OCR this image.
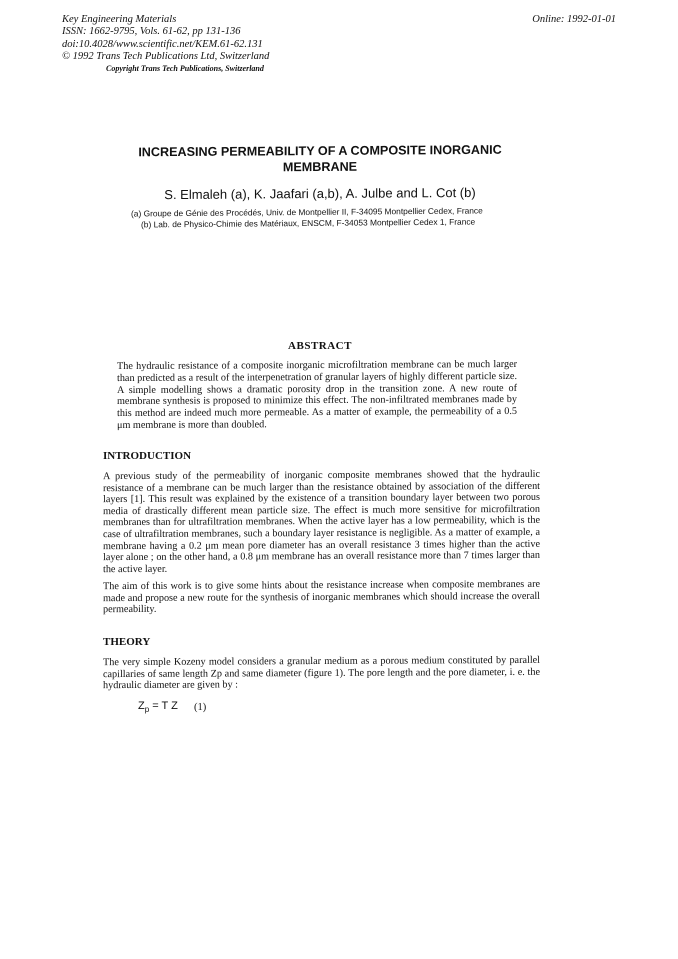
Key Engineering Materials
ISSN: 1662-9795, Vols. 61-62, pp 131-136
doi:10.4028/www.scientific.net/KEM.61-62.131
© 1992 Trans Tech Publications Ltd, Switzerland
Online: 1992-01-01
Copyright Trans Tech Publications, Switzerland
INCREASING PERMEABILITY OF A COMPOSITE INORGANIC
MEMBRANE
S. Elmaleh (a), K. Jaafari (a,b), A. Julbe and L. Cot (b)
(a) Groupe de Génie des Procédés, Univ. de Montpellier II, F-34095 Montpellier Cedex, France
(b) Lab. de Physico-Chimie des Matériaux, ENSCM, F-34053 Montpellier Cedex 1, France
ABSTRACT
The hydraulic resistance of a composite inorganic microfiltration membrane can be much larger than predicted as a result of the interpenetration of granular layers of highly different particle size. A simple modelling shows a dramatic porosity drop in the transition zone. A new route of membrane synthesis is proposed to minimize this effect. The non-infiltrated membranes made by this method are indeed much more permeable. As a matter of example, the permeability of a 0.5 μm membrane is more than doubled.
INTRODUCTION
A previous study of the permeability of inorganic composite membranes showed that the hydraulic resistance of a membrane can be much larger than the resistance obtained by association of the different layers [1]. This result was explained by the existence of a transition boundary layer between two porous media of drastically different mean particle size. The effect is much more sensitive for microfiltration membranes than for ultrafiltration membranes. When the active layer has a low permeability, which is the case of ultrafiltration membranes, such a boundary layer resistance is negligible. As a matter of example, a membrane having a 0.2 μm mean pore diameter has an overall resistance 3 times higher than the active layer alone ; on the other hand, a 0.8 μm membrane has an overall resistance more than 7 times larger than the active layer.
The aim of this work is to give some hints about the resistance increase when composite membranes are made and propose a new route for the synthesis of inorganic membranes which should increase the overall permeability.
THEORY
The very simple Kozeny model considers a granular medium as a porous medium constituted by parallel capillaries of same length Zp and same diameter (figure 1). The pore length and the pore diameter, i. e. the hydraulic diameter are given by :
$Z_p = T$ Z (1)
